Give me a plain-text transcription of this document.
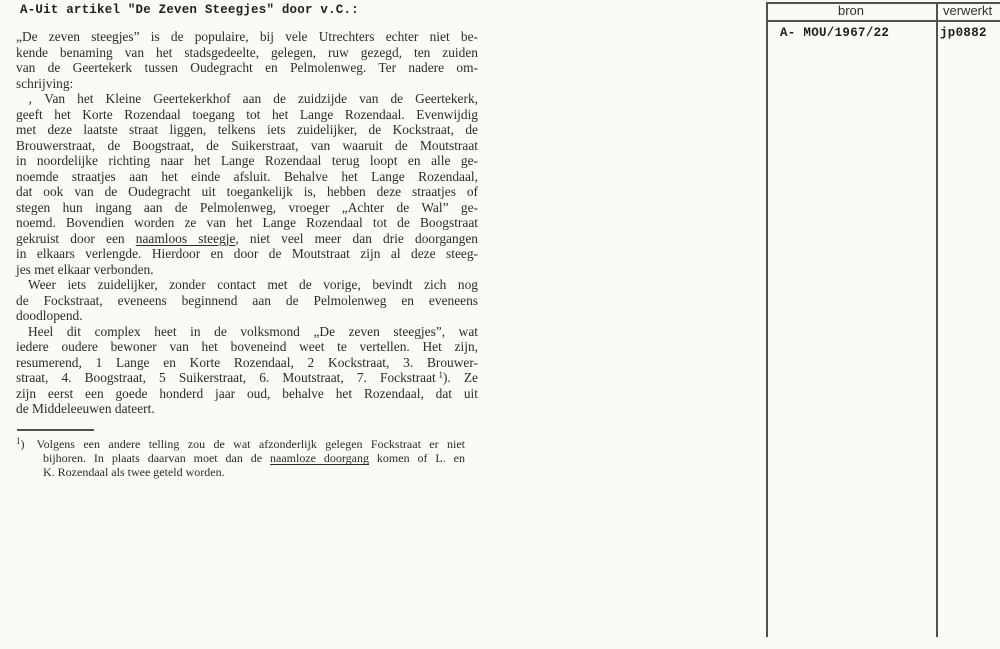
A-Uit artikel "De Zeven Steegjes" door v.C.:
„De zeven steegjes” is de populaire, bij vele Utrechters echter niet be-
kende benaming van het stadsgedeelte, gelegen, ruw gezegd, ten zuiden
van de Geertekerk tussen Oudegracht en Pelmolenweg. Ter nadere om-
schrijving:
‚ Van het Kleine Geertekerkhof aan de zuidzijde van de Geertekerk,
geeft het Korte Rozendaal toegang tot het Lange Rozendaal. Evenwijdig
met deze laatste straat liggen, telkens iets zuidelijker, de Kockstraat, de
Brouwerstraat, de Boogstraat, de Suikerstraat, van waaruit de Moutstraat
in noordelijke richting naar het Lange Rozendaal terug loopt en alle ge-
noemde straatjes aan het einde afsluit. Behalve het Lange Rozendaal,
dat ook van de Oudegracht uit toegankelijk is, hebben deze straatjes of
stegen hun ingang aan de Pelmolenweg, vroeger „Achter de Wal” ge-
noemd. Bovendien worden ze van het Lange Rozendaal tot de Boogstraat
gekruist door een naamloos steegje, niet veel meer dan drie doorgangen
in elkaars verlengde. Hierdoor en door de Moutstraat zijn al deze steeg-
jes met elkaar verbonden.
Weer iets zuidelijker, zonder contact met de vorige, bevindt zich nog
de Fockstraat, eveneens beginnend aan de Pelmolenweg en eveneens
doodlopend.
Heel dit complex heet in de volksmond „De zeven steegjes”, wat
iedere oudere bewoner van het boveneind weet te vertellen. Het zijn,
resumerend, 1 Lange en Korte Rozendaal, 2 Kockstraat, 3. Brouwer-
straat, 4. Boogstraat, 5 Suikerstraat, 6. Moutstraat, 7. Fockstraat $^1$). Ze
zijn eerst een goede honderd jaar oud, behalve het Rozendaal, dat uit
de Middeleeuwen dateert.
$^1$)  Volgens een andere telling zou de wat afzonderlijk gelegen Fockstraat er niet
bijhoren. In plaats daarvan moet dan de naamloze doorgang komen of L. en
K. Rozendaal als twee geteld worden.
bron	verwerkt
A- MOU/1967/22	jp0882
